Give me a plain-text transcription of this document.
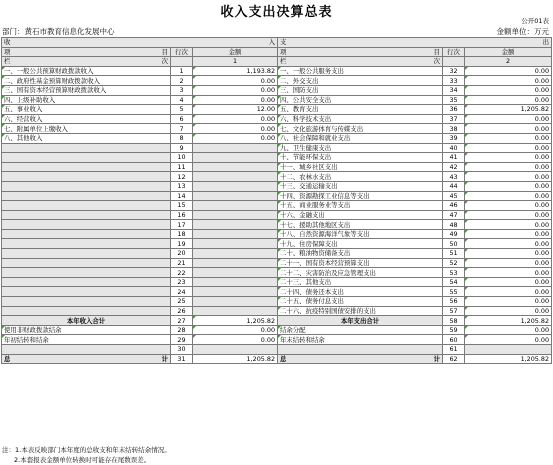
收入支出决算总表
公开01表
部门：黄石市教育信息化发展中心	金额单位：万元
收 入			支 出		

项 目	行次	金额	项 目	行次	金额

栏 次		1	栏 次		2
一、一般公共预算财政拨款收入	1	1,193.82	一、一般公共服务支出	32	0.00
二、政府性基金预算财政拨款收入	2	0.00	二、外交支出	33	0.00
三、国有资本经营预算财政拨款收入	3	0.00	三、国防支出	34	0.00
四、上级补助收入	4	0.00	四、公共安全支出	35	0.00
五、事业收入	5	12.00	五、教育支出	36	1,205.82
六、经营收入	6	0.00	六、科学技术支出	37	0.00
七、附属单位上缴收入	7	0.00	七、文化旅游体育与传媒支出	38	0.00
八、其他收入	8	0.00	八、社会保障和就业支出	39	0.00
	9		九、卫生健康支出	40	0.00
	10		十、节能环保支出	41	0.00
	11		十一、城乡社区支出	42	0.00
	12		十二、农林水支出	43	0.00
	13		十三、交通运输支出	44	0.00
	14		十四、资源勘探工业信息等支出	45	0.00
	15		十五、商业服务业等支出	46	0.00
	16		十六、金融支出	47	0.00
	17		十七、援助其他地区支出	48	0.00
	18		十八、自然资源海洋气象等支出	49	0.00
	19		十九、住房保障支出	50	0.00
	20		二十、粮油物资储备支出	51	0.00
	21		二十一、国有资本经营预算支出	52	0.00
	22		二十二、灾害防治及应急管理支出	53	0.00
	23		二十三、其他支出	54	0.00
	24		二十四、债务还本支出	55	0.00
	25		二十五、债务付息支出	56	0.00
	26		二十六、抗疫特别国债安排的支出	57	0.00
本年收入合计	27	1,205.82	本年支出合计	58	1,205.82
使用非财政拨款结余	28	0.00	结余分配	59	0.00
年初结转和结余	29	0.00	年末结转和结余	60	0.00
	30			61	

总 计	31	1,205.82	总 计	62	1,205.82
注：1.本表反映部门本年度的总收支和年末结转结余情况。
2.本套报表金额单位转换时可能存在尾数误差。
